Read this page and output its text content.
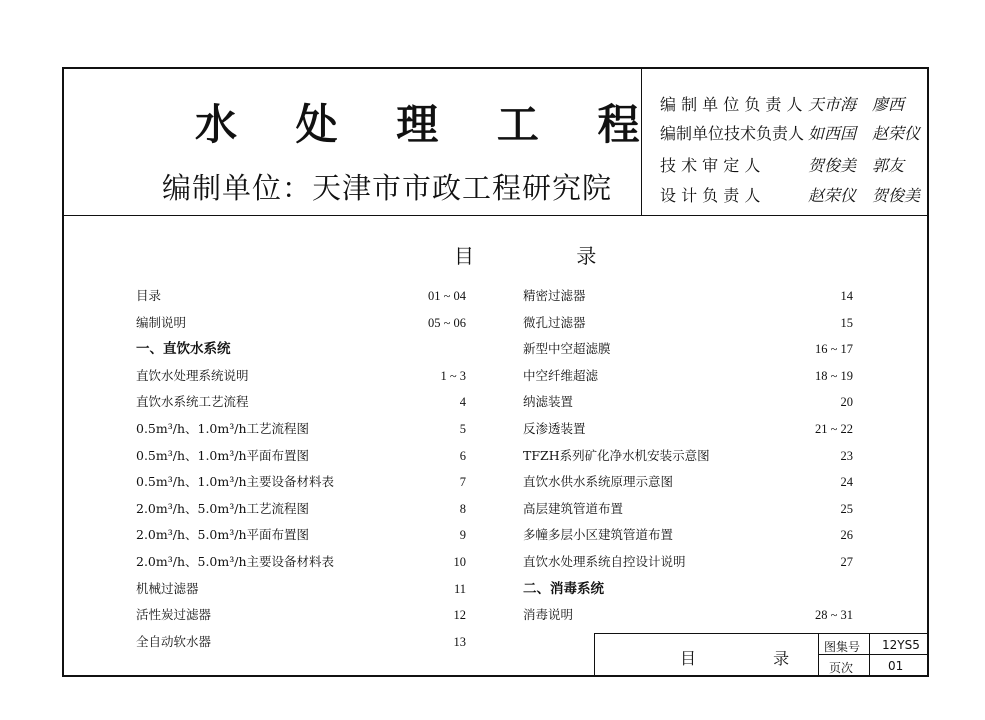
水 处 理 工 程
编制单位：天津市市政工程研究院
编 制 单 位 负 责 人 天市海 廖西
编制单位技术负责人 如西国 赵荣仪
技 术 审 定 人	贺俊美 郭友
设 计 负 责 人	赵荣仪 贺俊美
目 录
目录	01 ~ 04
编制说明	05 ~ 06
一、直饮水系统
直饮水处理系统说明	1 ~ 3
直饮水系统工艺流程	4
0.5m³/h、1.0m³/h工艺流程图	5
0.5m³/h、1.0m³/h平面布置图	6
0.5m³/h、1.0m³/h主要设备材料表	7
2.0m³/h、5.0m³/h工艺流程图	8
2.0m³/h、5.0m³/h平面布置图	9
2.0m³/h、5.0m³/h主要设备材料表	10
机械过滤器	11
活性炭过滤器	12
全自动软水器	13
精密过滤器	14
微孔过滤器	15
新型中空超滤膜	16 ~ 17
中空纤维超滤	18 ~ 19
纳滤装置	20
反渗透装置	21 ~ 22
TFZH系列矿化净水机安装示意图	23
直饮水供水系统原理示意图	24
高层建筑管道布置	25
多幢多层小区建筑管道布置	26
直饮水处理系统自控设计说明	27
二、消毒系统
消毒说明	28 ~ 31
目 录
图集号 12YS5
页次	01
